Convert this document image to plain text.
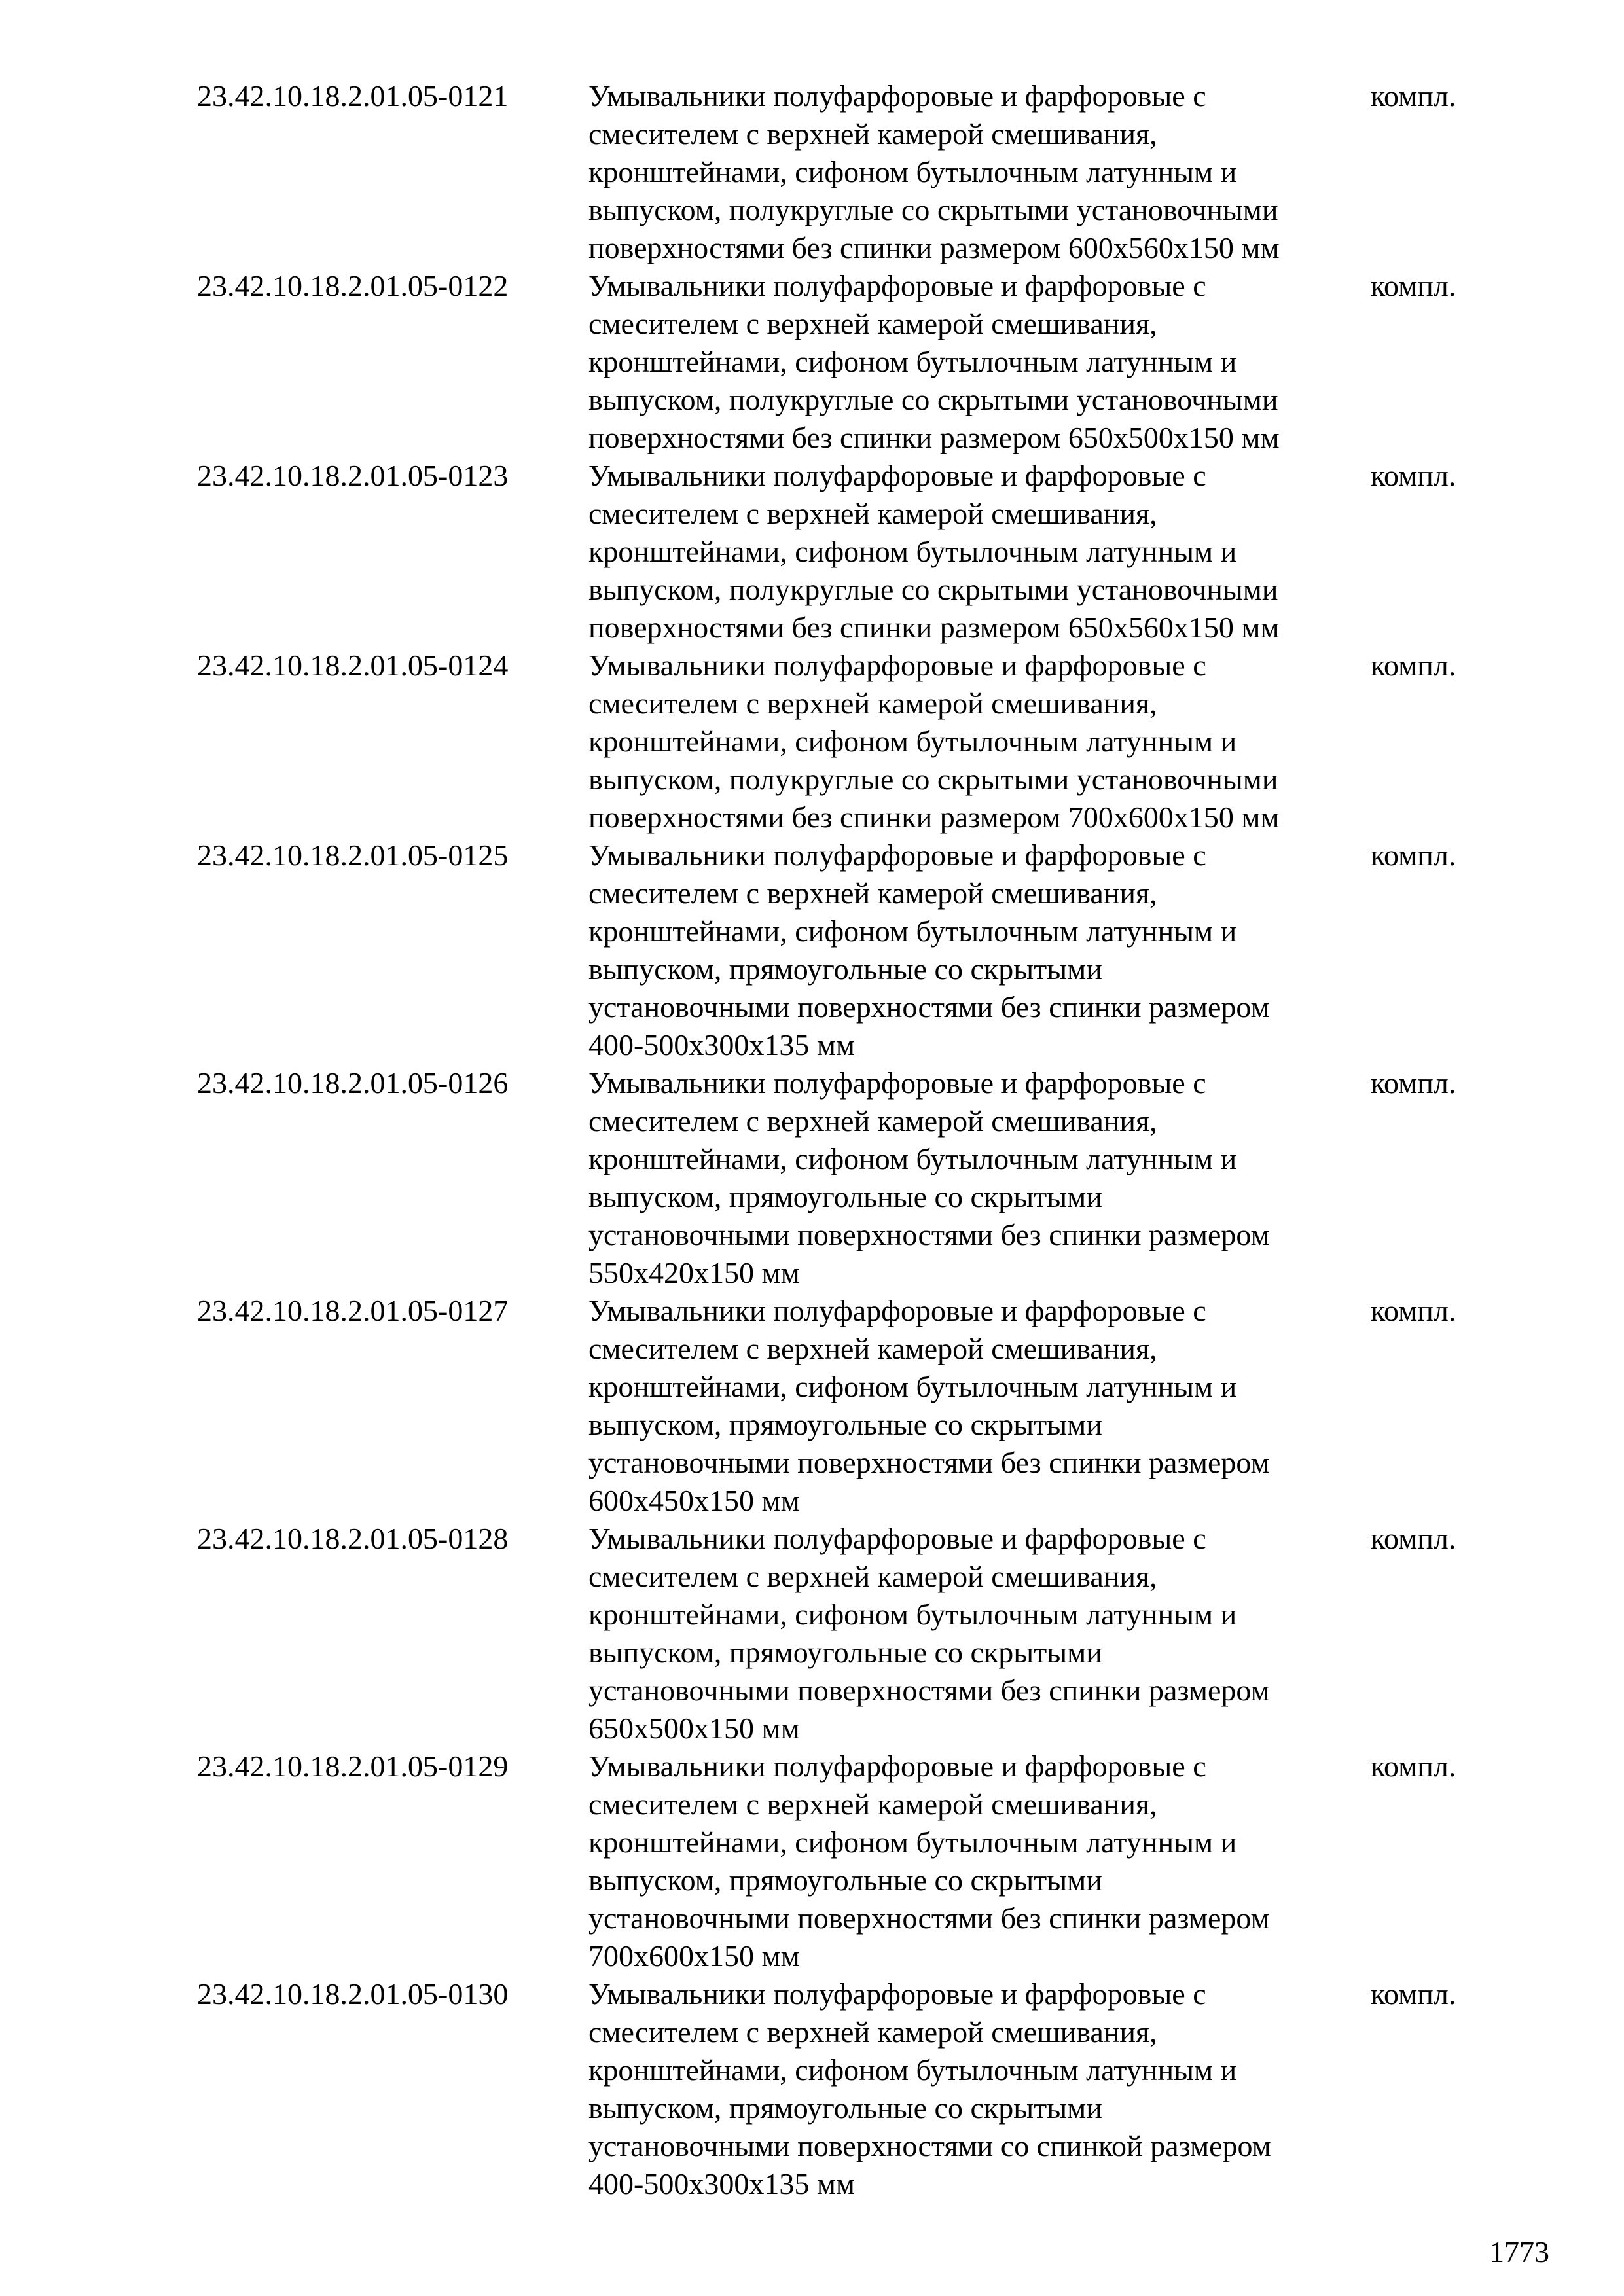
23.42.10.18.2.01.05-0121	Умывальники полуфарфоровые и фарфоровые с
смесителем с верхней камерой смешивания,
кронштейнами, сифоном бутылочным латунным и
выпуском, полукруглые со скрытыми установочными
поверхностями без спинки размером 600x560x150 мм
компл.
23.42.10.18.2.01.05-0122	Умывальники полуфарфоровые и фарфоровые с
смесителем с верхней камерой смешивания,
кронштейнами, сифоном бутылочным латунным и
выпуском, полукруглые со скрытыми установочными
поверхностями без спинки размером 650x500x150 мм
компл.
23.42.10.18.2.01.05-0123	Умывальники полуфарфоровые и фарфоровые с
смесителем с верхней камерой смешивания,
кронштейнами, сифоном бутылочным латунным и
выпуском, полукруглые со скрытыми установочными
поверхностями без спинки размером 650x560x150 мм
компл.
23.42.10.18.2.01.05-0124	Умывальники полуфарфоровые и фарфоровые с
смесителем с верхней камерой смешивания,
кронштейнами, сифоном бутылочным латунным и
выпуском, полукруглые со скрытыми установочными
поверхностями без спинки размером 700x600x150 мм
компл.
23.42.10.18.2.01.05-0125	Умывальники полуфарфоровые и фарфоровые с
смесителем с верхней камерой смешивания,
кронштейнами, сифоном бутылочным латунным и
выпуском, прямоугольные со скрытыми
установочными поверхностями без спинки размером
400-500x300x135 мм
компл.
23.42.10.18.2.01.05-0126	Умывальники полуфарфоровые и фарфоровые с
смесителем с верхней камерой смешивания,
кронштейнами, сифоном бутылочным латунным и
выпуском, прямоугольные со скрытыми
установочными поверхностями без спинки размером
550x420x150 мм
компл.
23.42.10.18.2.01.05-0127	Умывальники полуфарфоровые и фарфоровые с
смесителем с верхней камерой смешивания,
кронштейнами, сифоном бутылочным латунным и
выпуском, прямоугольные со скрытыми
установочными поверхностями без спинки размером
600x450x150 мм
компл.
23.42.10.18.2.01.05-0128	Умывальники полуфарфоровые и фарфоровые с
смесителем с верхней камерой смешивания,
кронштейнами, сифоном бутылочным латунным и
выпуском, прямоугольные со скрытыми
установочными поверхностями без спинки размером
650x500x150 мм
компл.
23.42.10.18.2.01.05-0129	Умывальники полуфарфоровые и фарфоровые с
смесителем с верхней камерой смешивания,
кронштейнами, сифоном бутылочным латунным и
выпуском, прямоугольные со скрытыми
установочными поверхностями без спинки размером
700x600x150 мм
компл.
23.42.10.18.2.01.05-0130	Умывальники полуфарфоровые и фарфоровые с
смесителем с верхней камерой смешивания,
кронштейнами, сифоном бутылочным латунным и
выпуском, прямоугольные со скрытыми
установочными поверхностями со спинкой размером
400-500x300x135 мм
компл.
1773
